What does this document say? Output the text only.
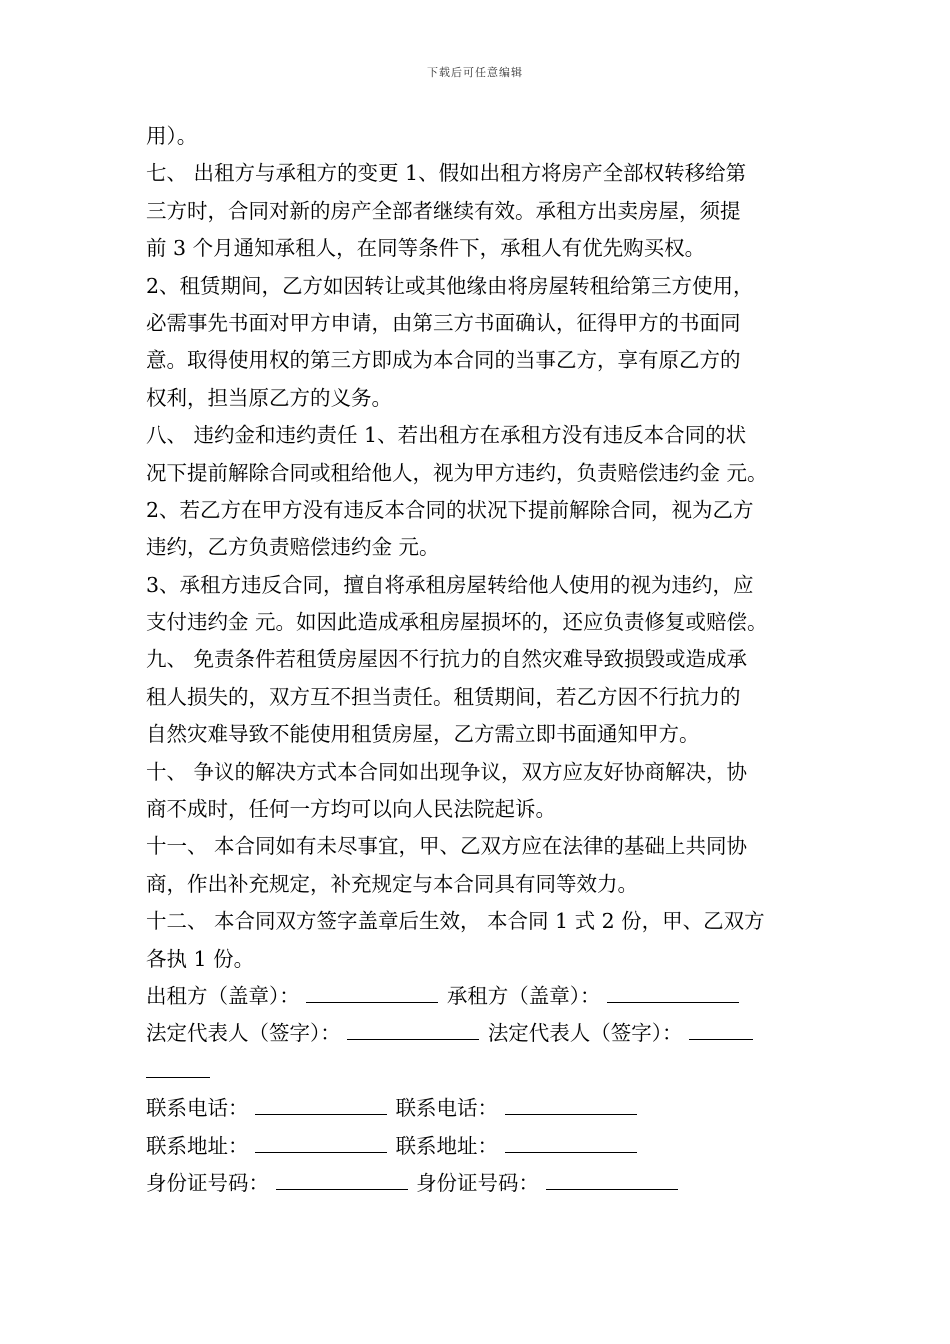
下载后可任意编辑
用）。
七、 出租方与承租方的变更 1、假如出租方将房产全部权转移给第
三方时，合同对新的房产全部者继续有效。承租方出卖房屋，须提
前 3 个月通知承租人，在同等条件下，承租人有优先购买权。
2、租赁期间，乙方如因转让或其他缘由将房屋转租给第三方使用，
必需事先书面对甲方申请，由第三方书面确认，征得甲方的书面同
意。取得使用权的第三方即成为本合同的当事乙方，享有原乙方的
权利，担当原乙方的义务。
八、 违约金和违约责任 1、若出租方在承租方没有违反本合同的状
况下提前解除合同或租给他人，视为甲方违约，负责赔偿违约金 元。
2、若乙方在甲方没有违反本合同的状况下提前解除合同，视为乙方
违约，乙方负责赔偿违约金 元。
3、承租方违反合同，擅自将承租房屋转给他人使用的视为违约，应
支付违约金 元。如因此造成承租房屋损坏的，还应负责修复或赔偿。
九、 免责条件若租赁房屋因不行抗力的自然灾难导致损毁或造成承
租人损失的，双方互不担当责任。租赁期间，若乙方因不行抗力的
自然灾难导致不能使用租赁房屋，乙方需立即书面通知甲方。
十、 争议的解决方式本合同如出现争议，双方应友好协商解决，协
商不成时，任何一方均可以向人民法院起诉。
十一、 本合同如有未尽事宜，甲、乙双方应在法律的基础上共同协
商，作出补充规定，补充规定与本合同具有同等效力。
十二、 本合同双方签字盖章后生效， 本合同 1 式 2 份，甲、乙双方
各执 1 份。
出租方（盖章）：	承租方（盖章）：
法定代表人（签字）：	法定代表人（签字）：
联系电话：	联系电话：
联系地址：	联系地址：
身份证号码：	身份证号码：
